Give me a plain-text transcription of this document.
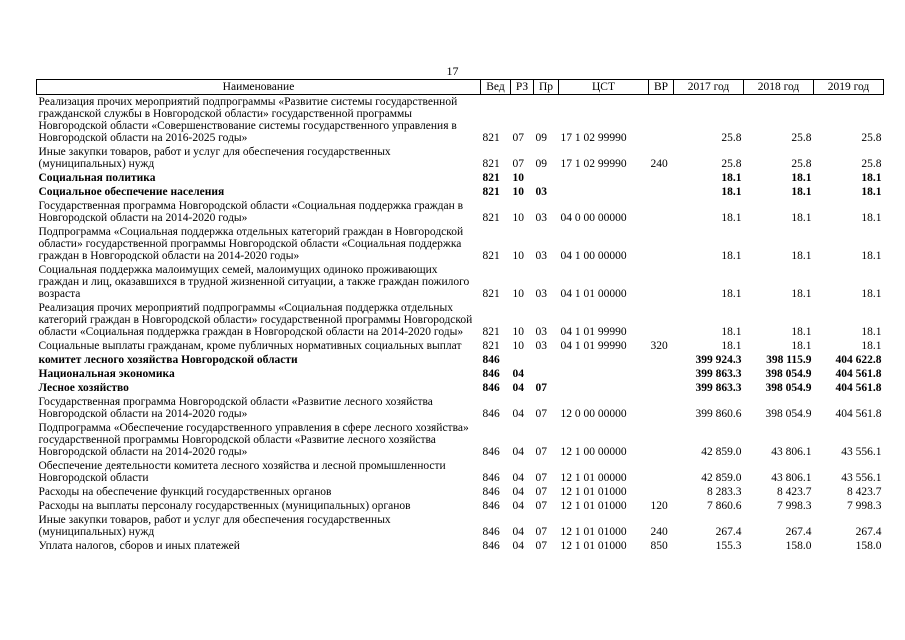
17
Наименование	Вед	РЗ	Пр	ЦСТ	ВР	2017 год	2018 год	2019 год
Реализация прочих мероприятий подпрограммы «Развитие системы государственной гражданской службы в Новгородской области» государственной программы Новгородской области «Совершенствование системы государственного управления в Новгородской области на 2016-2025 годы»	821	07	09	17 1 02 99990		25.8	25.8	25.8
Иные закупки товаров, работ и услуг для обеспечения государственных (муниципальных) нужд	821	07	09	17 1 02 99990	240	25.8	25.8	25.8
Социальная политика	821	10				18.1	18.1	18.1
Социальное обеспечение населения	821	10	03			18.1	18.1	18.1
Государственная программа Новгородской области «Социальная поддержка граждан в Новгородской области на 2014-2020 годы»	821	10	03	04 0 00 00000		18.1	18.1	18.1
Подпрограмма «Социальная поддержка отдельных категорий граждан в Новгородской области» государственной программы Новгородской области «Социальная поддержка граждан в Новгородской области на 2014-2020 годы»	821	10	03	04 1 00 00000		18.1	18.1	18.1
Социальная поддержка малоимущих семей, малоимущих одиноко проживающих граждан и лиц, оказавшихся в трудной жизненной ситуации, а также граждан пожилого возраста	821	10	03	04 1 01 00000		18.1	18.1	18.1
Реализация прочих мероприятий подпрограммы «Социальная поддержка отдельных категорий граждан в Новгородской области» государственной программы Новгородской области «Социальная поддержка граждан в Новгородской области на 2014-2020 годы»	821	10	03	04 1 01 99990		18.1	18.1	18.1
Социальные выплаты гражданам, кроме публичных нормативных социальных выплат	821	10	03	04 1 01 99990	320	18.1	18.1	18.1
комитет лесного хозяйства Новгородской области	846					399 924.3	398 115.9	404 622.8
Национальная экономика	846	04				399 863.3	398 054.9	404 561.8
Лесное хозяйство	846	04	07			399 863.3	398 054.9	404 561.8
Государственная программа Новгородской области «Развитие лесного хозяйства Новгородской области на 2014-2020 годы»	846	04	07	12 0 00 00000		399 860.6	398 054.9	404 561.8
Подпрограмма «Обеспечение государственного управления в сфере лесного хозяйства» государственной программы Новгородской области «Развитие лесного хозяйства Новгородской области на 2014-2020 годы»	846	04	07	12 1 00 00000		42 859.0	43 806.1	43 556.1
Обеспечение деятельности комитета лесного хозяйства и лесной промышленности Новгородской области	846	04	07	12 1 01 00000		42 859.0	43 806.1	43 556.1
Расходы на обеспечение функций государственных органов	846	04	07	12 1 01 01000		8 283.3	8 423.7	8 423.7
Расходы на выплаты персоналу государственных (муниципальных) органов	846	04	07	12 1 01 01000	120	7 860.6	7 998.3	7 998.3
Иные закупки товаров, работ и услуг для обеспечения государственных (муниципальных) нужд	846	04	07	12 1 01 01000	240	267.4	267.4	267.4
Уплата налогов, сборов и иных платежей	846	04	07	12 1 01 01000	850	155.3	158.0	158.0
